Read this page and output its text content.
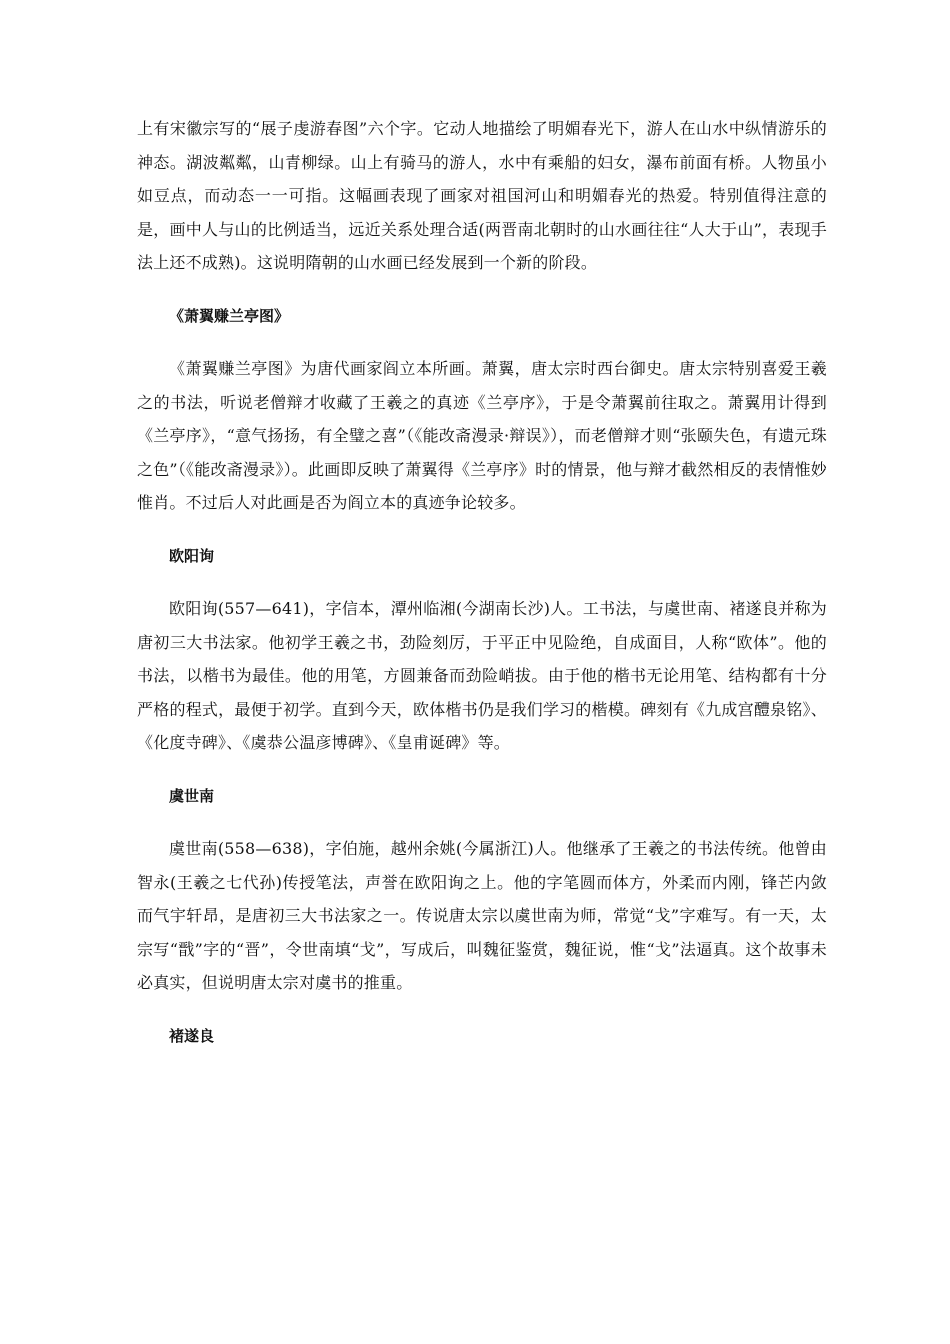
上有宋徽宗写的“展子虔游春图”六个字。它动人地描绘了明媚春光下，游人在山水中纵情游乐的神态。湖波粼粼，山青柳绿。山上有骑马的游人，水中有乘船的妇女，瀑布前面有桥。人物虽小如豆点，而动态一一可指。这幅画表现了画家对祖国河山和明媚春光的热爱。特别值得注意的是，画中人与山的比例适当，远近关系处理合适(两晋南北朝时的山水画往往“人大于山”，表现手法上还不成熟)。这说明隋朝的山水画已经发展到一个新的阶段。

《萧翼赚兰亭图》

《萧翼赚兰亭图》为唐代画家阎立本所画。萧翼，唐太宗时西台御史。唐太宗特别喜爱王羲之的书法，听说老僧辩才收藏了王羲之的真迹《兰亭序》，于是令萧翼前往取之。萧翼用计得到《兰亭序》，“意气扬扬，有全璧之喜”（《能改斋漫录·辩误》），而老僧辩才则“张颐失色，有遗元珠之色”（《能改斋漫录》）。此画即反映了萧翼得《兰亭序》时的情景，他与辩才截然相反的表情惟妙惟肖。不过后人对此画是否为阎立本的真迹争论较多。

欧阳询

欧阳询(557—641)，字信本，潭州临湘(今湖南长沙)人。工书法，与虞世南、褚遂良并称为唐初三大书法家。他初学王羲之书，劲险刻厉，于平正中见险绝，自成面目，人称“欧体”。他的书法，以楷书为最佳。他的用笔，方圆兼备而劲险峭拔。由于他的楷书无论用笔、结构都有十分严格的程式，最便于初学。直到今天，欧体楷书仍是我们学习的楷模。碑刻有《九成宫醴泉铭》、《化度寺碑》、《虞恭公温彦博碑》、《皇甫诞碑》等。

虞世南

虞世南(558—638)，字伯施，越州余姚(今属浙江)人。他继承了王羲之的书法传统。他曾由智永(王羲之七代孙)传授笔法，声誉在欧阳询之上。他的字笔圆而体方，外柔而内刚，锋芒内敛而气宇轩昂，是唐初三大书法家之一。传说唐太宗以虞世南为师，常觉“戈”字难写。有一天，太宗写“戬”字的“晋”，令世南填“戈”，写成后，叫魏征鉴赏，魏征说，惟“戈”法逼真。这个故事未必真实，但说明唐太宗对虞书的推重。

褚遂良
